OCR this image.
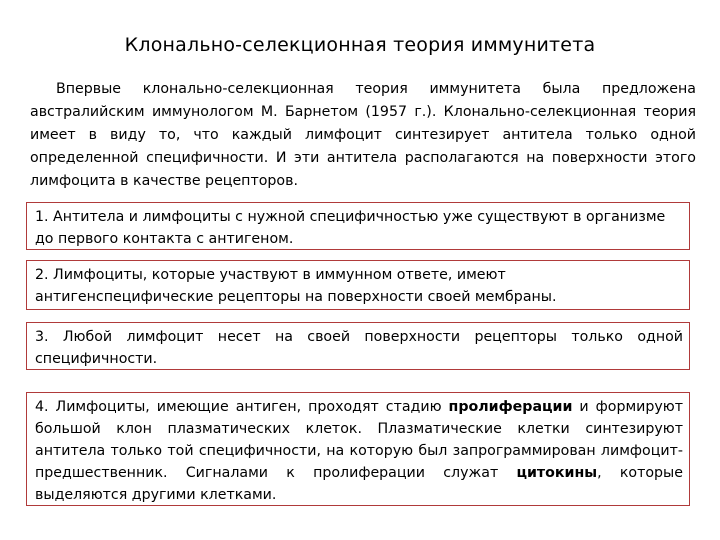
Клонально-селекционная теория иммунитета
Впервые клонально-селекционная теория иммунитета была предложена австралийским иммунологом М. Барнетом (1957 г.). Клонально-селекционная теория имеет в виду то, что каждый лимфоцит синтезирует антитела только одной определенной специфичности. И эти антитела располагаются на поверхности этого лимфоцита в качестве рецепторов.
1. Антитела и лимфоциты с нужной специфичностью уже существуют в организме до первого контакта с антигеном.
2. Лимфоциты, которые участвуют в иммунном ответе, имеют антигенспецифические рецепторы на поверхности своей мембраны.
3. Любой лимфоцит несет на своей поверхности рецепторы только одной специфичности.
4. Лимфоциты, имеющие антиген, проходят стадию пролиферации и формируют большой клон плазматических клеток. Плазматические клетки синтезируют антитела только той специфичности, на которую был запрограммирован лимфоцит-предшественник. Сигналами к пролиферации служат цитокины, которые выделяются другими клетками.
